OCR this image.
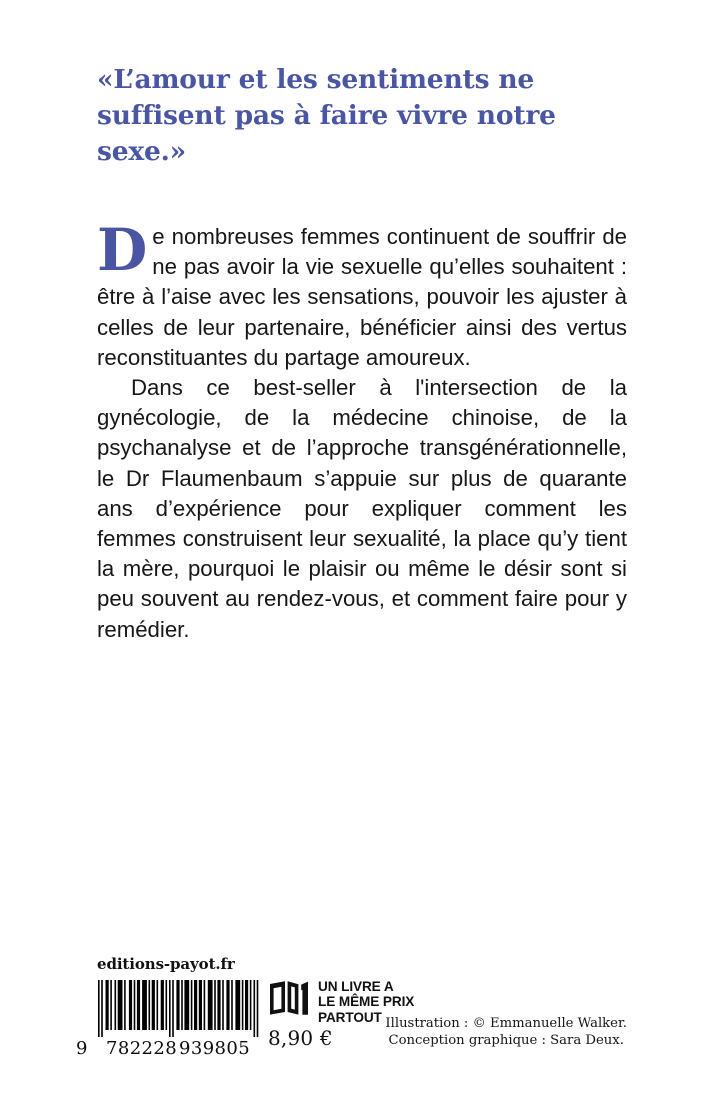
«L’amour et les sentiments ne suffisent pas à faire vivre notre sexe.»

De nombreuses femmes continuent de souffrir de ne pas avoir la vie sexuelle qu’elles souhaitent : être à l’aise avec les sensations, pouvoir les ajuster à celles de leur partenaire, bénéficier ainsi des vertus reconstituantes du partage amoureux.

Dans ce best-seller à l'intersection de la gynécologie, de la médecine chinoise, de la psychanalyse et de l’approche transgénérationnelle, le Dr Flaumenbaum s’appuie sur plus de quarante ans d’expérience pour expliquer comment les femmes construisent leur sexualité, la place qu’y tient la mère, pourquoi le plaisir ou même le désir sont si peu souvent au rendez-vous, et comment faire pour y remédier.

editions-payot.fr
9 782228 939805
UN LIVRE A
LE MÊME PRIX
PARTOUT
8,90 €
Illustration : © Emmanuelle Walker.
Conception graphique : Sara Deux.
